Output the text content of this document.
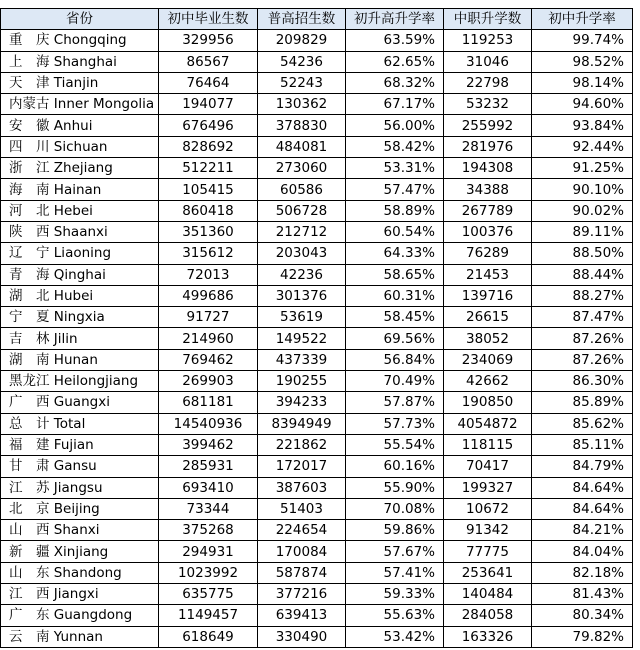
省份	初中毕业生数	普高招生数	初升高升学率	中职升学数	初中升学率
重　庆 Chongqing	329956	209829	63.59%	119253	99.74%
上　海 Shanghai	86567	54236	62.65%	31046	98.52%
天　津 Tianjin	76464	52243	68.32%	22798	98.14%
内蒙古 Inner Mongolia	194077	130362	67.17%	53232	94.60%
安　徽 Anhui	676496	378830	56.00%	255992	93.84%
四　川 Sichuan	828692	484081	58.42%	281976	92.44%
浙　江 Zhejiang	512211	273060	53.31%	194308	91.25%
海　南 Hainan	105415	60586	57.47%	34388	90.10%
河　北 Hebei	860418	506728	58.89%	267789	90.02%
陕　西 Shaanxi	351360	212712	60.54%	100376	89.11%
辽　宁 Liaoning	315612	203043	64.33%	76289	88.50%
青　海 Qinghai	72013	42236	58.65%	21453	88.44%
湖　北 Hubei	499686	301376	60.31%	139716	88.27%
宁　夏 Ningxia	91727	53619	58.45%	26615	87.47%
吉　林 Jilin	214960	149522	69.56%	38052	87.26%
湖　南 Hunan	769462	437339	56.84%	234069	87.26%
黑龙江 Heilongjiang	269903	190255	70.49%	42662	86.30%
广　西 Guangxi	681181	394233	57.87%	190850	85.89%
总　计 Total	14540936	8394949	57.73%	4054872	85.62%
福　建 Fujian	399462	221862	55.54%	118115	85.11%
甘　肃 Gansu	285931	172017	60.16%	70417	84.79%
江　苏 Jiangsu	693410	387603	55.90%	199327	84.64%
北　京 Beijing	73344	51403	70.08%	10672	84.64%
山　西 Shanxi	375268	224654	59.86%	91342	84.21%
新　疆 Xinjiang	294931	170084	57.67%	77775	84.04%
山　东 Shandong	1023992	587874	57.41%	253641	82.18%
江　西 Jiangxi	635775	377216	59.33%	140484	81.43%
广　东 Guangdong	1149457	639413	55.63%	284058	80.34%
云　南 Yunnan	618649	330490	53.42%	163326	79.82%
